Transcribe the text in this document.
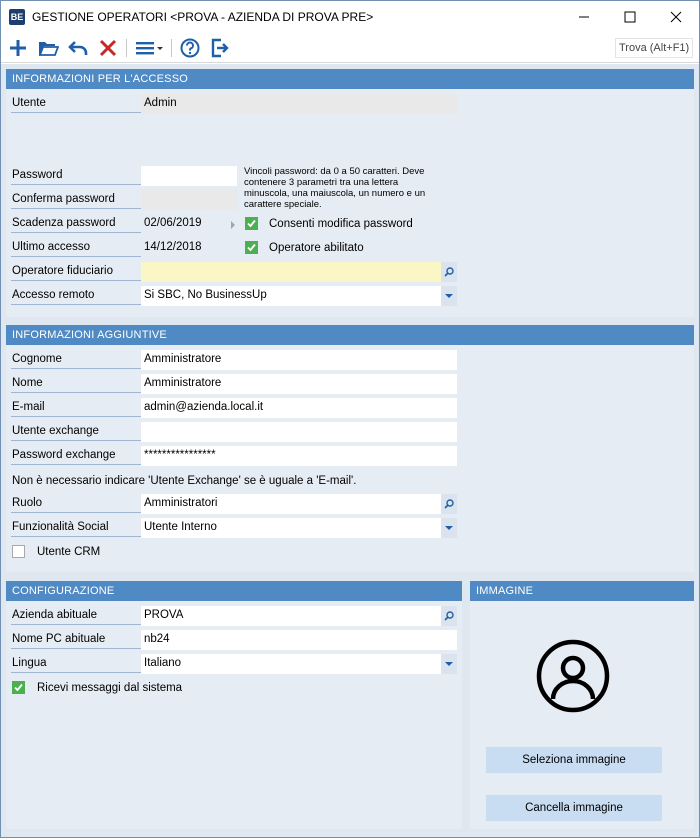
BE GESTIONE OPERATORI <PROVA - AZIENDA DI PROVA PRE>
Trova (Alt+F1)
INFORMAZIONI PER L'ACCESSO
Utente	Admin
Password	Vincoli password: da 0 a 50 caratteri. Deve contenere 3 parametri tra una lettera minuscola, una maiuscola, un numero e un carattere speciale.
Conferma password
Scadenza password	02/06/2019	Consenti modifica password
Ultimo accesso	14/12/2018	Operatore abilitato
Operatore fiduciario
Accesso remoto	Si SBC, No BusinessUp
INFORMAZIONI AGGIUNTIVE
Cognome	Amministratore
Nome	Amministratore
E-mail	admin@azienda.local.it
Utente exchange
Password exchange	****************
Non è necessario indicare 'Utente Exchange' se è uguale a 'E-mail'.
Ruolo	Amministratori
Funzionalità Social	Utente Interno
Utente CRM
CONFIGURAZIONE
Azienda abituale	PROVA
Nome PC abituale	nb24
Lingua	Italiano
Ricevi messaggi dal sistema
IMMAGINE
Seleziona immagine
Cancella immagine
